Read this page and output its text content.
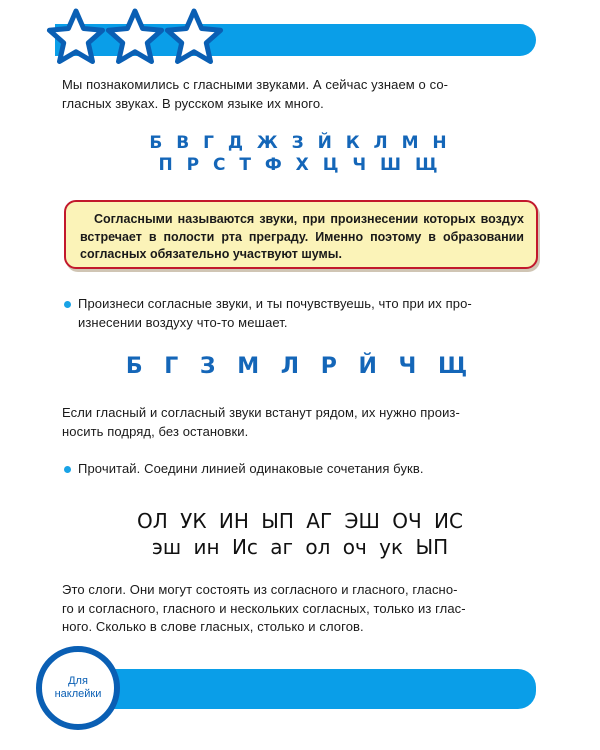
Мы познакомились с гласными звуками. А сейчас узнаем о со-

гласных звуках. В русском языке их много.

Б В Г Д Ж З Й К Л М Н
П Р С Т Ф Х Ц Ч Ш Щ
Согласными называются звуки, при произнесении которых воздух встречает в полости рта преграду. Именно поэтому в образовании согласных обязательно участвуют шумы.

Произнеси согласные звуки, и ты почувствуешь, что при их про-

изнесении воздуху что-то мешает.

Б Г З М Л Р Й Ч Щ

Если гласный и согласный звуки встанут рядом, их нужно произ-

носить подряд, без остановки.

Прочитай. Соедини линией одинаковые сочетания букв.

ОЛ УК ИН ЫП АГ ЭШ ОЧ ИС
эш ин Ис аг ол оч ук ЫП

Это слоги. Они могут состоять из согласного и гласного, гласно-

го и согласного, гласного и нескольких согласных, только из глас-

ного. Сколько в слове гласных, столько и слогов.

Для
наклейки
